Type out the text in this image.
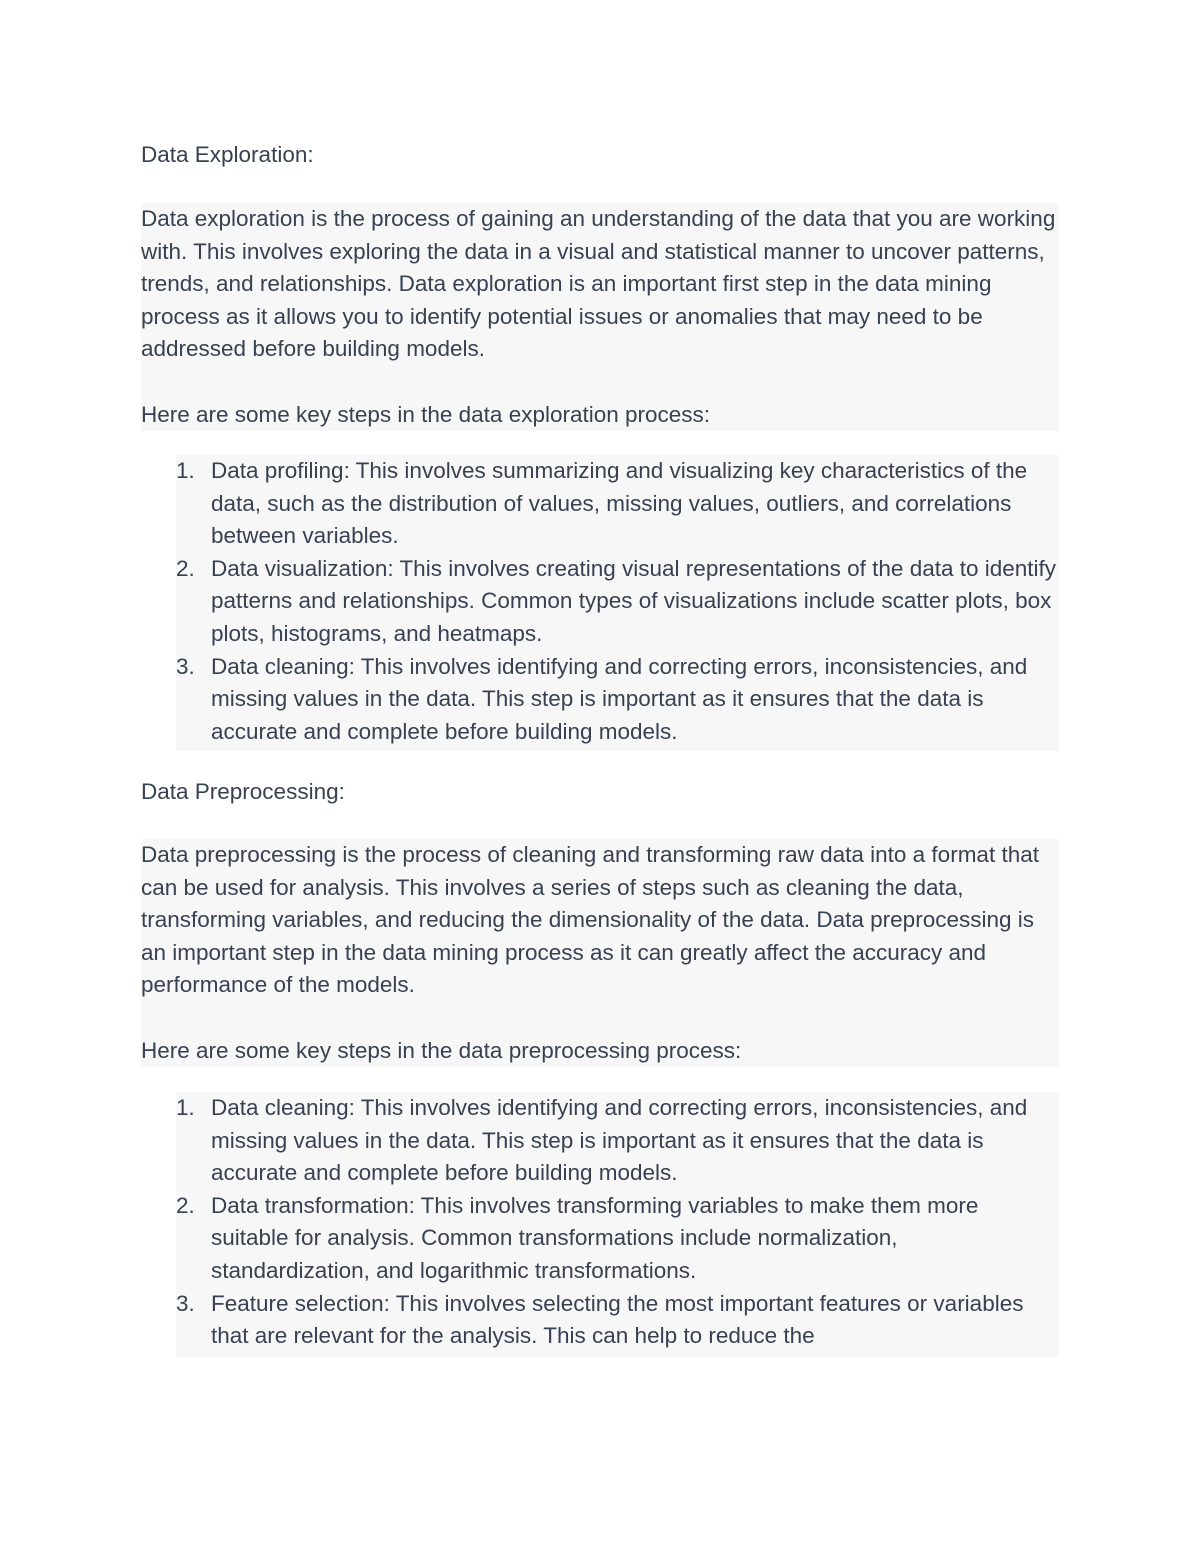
Data Exploration:

Data exploration is the process of gaining an understanding of the data that you are working with. This involves exploring the data in a visual and statistical manner to uncover patterns, trends, and relationships. Data exploration is an important first step in the data mining process as it allows you to identify potential issues or anomalies that may need to be addressed before building models.

Here are some key steps in the data exploration process:

1. Data profiling: This involves summarizing and visualizing key characteristics of the data, such as the distribution of values, missing values, outliers, and correlations between variables.
2. Data visualization: This involves creating visual representations of the data to identify patterns and relationships. Common types of visualizations include scatter plots, box plots, histograms, and heatmaps.
3. Data cleaning: This involves identifying and correcting errors, inconsistencies, and missing values in the data. This step is important as it ensures that the data is accurate and complete before building models.
Data Preprocessing:

Data preprocessing is the process of cleaning and transforming raw data into a format that can be used for analysis. This involves a series of steps such as cleaning the data, transforming variables, and reducing the dimensionality of the data. Data preprocessing is an important step in the data mining process as it can greatly affect the accuracy and performance of the models.

Here are some key steps in the data preprocessing process:

1. Data cleaning: This involves identifying and correcting errors, inconsistencies, and missing values in the data. This step is important as it ensures that the data is accurate and complete before building models.
2. Data transformation: This involves transforming variables to make them more suitable for analysis. Common transformations include normalization, standardization, and logarithmic transformations.
3. Feature selection: This involves selecting the most important features or variables that are relevant for the analysis. This can help to reduce the
